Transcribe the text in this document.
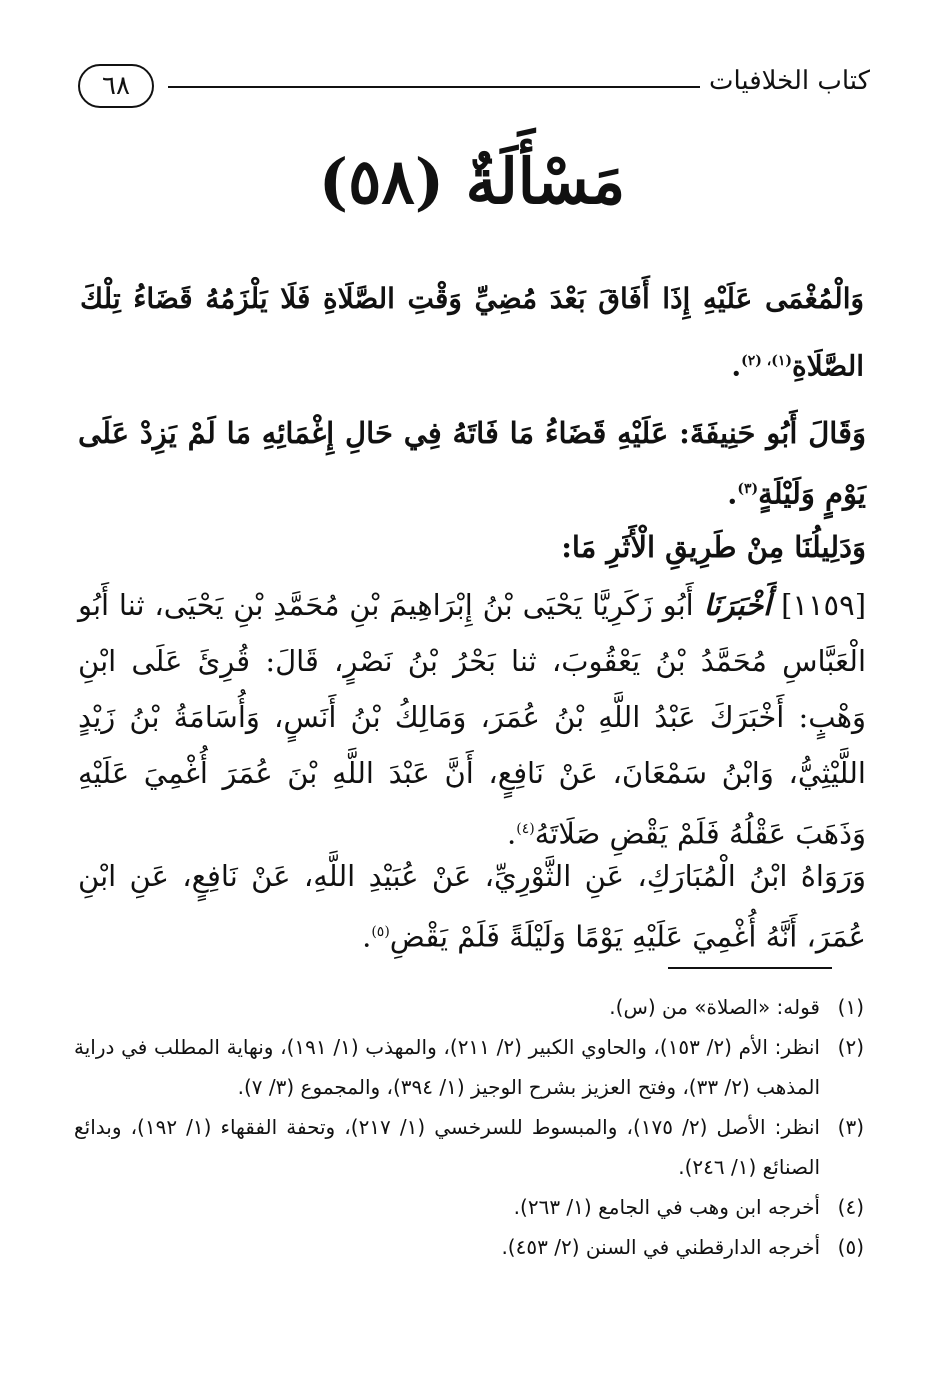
٦٨	كتاب الخلافيات
مَسْأَلَةٌ (٥٨)
وَالْمُغْمَى عَلَيْهِ إِذَا أَفَاقَ بَعْدَ مُضِيِّ وَقْتِ الصَّلَاةِ فَلَا يَلْزَمُهُ قَضَاءُ تِلْكَ الصَّلَاةِ$^{(١)، (٢)}$.
وَقَالَ أَبُو حَنِيفَةَ: عَلَيْهِ قَضَاءُ مَا فَاتَهُ فِي حَالِ إِغْمَائِهِ مَا لَمْ يَزِدْ عَلَى يَوْمٍ وَلَيْلَةٍ$^{(٣)}$.
وَدَلِيلُنَا مِنْ طَرِيقِ الْأَثَرِ مَا:
[١١٥٩] أَخْبَرَنَا أَبُو زَكَرِيَّا يَحْيَى بْنُ إِبْرَاهِيمَ بْنِ مُحَمَّدِ بْنِ يَحْيَى، ثنا أَبُو الْعَبَّاسِ مُحَمَّدُ بْنُ يَعْقُوبَ، ثنا بَحْرُ بْنُ نَصْرٍ، قَالَ: قُرِئَ عَلَى ابْنِ وَهْبٍ: أَخْبَرَكَ عَبْدُ اللَّهِ بْنُ عُمَرَ، وَمَالِكُ بْنُ أَنَسٍ، وَأُسَامَةُ بْنُ زَيْدٍ اللَّيْثِيُّ، وَابْنُ سَمْعَانَ، عَنْ نَافِعٍ، أَنَّ عَبْدَ اللَّهِ بْنَ عُمَرَ أُغْمِيَ عَلَيْهِ وَذَهَبَ عَقْلُهُ فَلَمْ يَقْضِ صَلَاتَهُ$^{(٤)}$.
وَرَوَاهُ ابْنُ الْمُبَارَكِ، عَنِ الثَّوْرِيِّ، عَنْ عُبَيْدِ اللَّهِ، عَنْ نَافِعٍ، عَنِ ابْنِ عُمَرَ، أَنَّهُ أُغْمِيَ عَلَيْهِ يَوْمًا وَلَيْلَةً فَلَمْ يَقْضِ$^{(٥)}$.
(١)
قوله: «الصلاة» من (س).
(٢)
انظر: الأم (٢/ ١٥٣)، والحاوي الكبير (٢/ ٢١١)، والمهذب (١/ ١٩١)، ونهاية المطلب في دراية المذهب (٢/ ٣٣)، وفتح العزيز بشرح الوجيز (١/ ٣٩٤)، والمجموع (٣/ ٧).
(٣)
انظر: الأصل (٢/ ١٧٥)، والمبسوط للسرخسي (١/ ٢١٧)، وتحفة الفقهاء (١/ ١٩٢)، وبدائع الصنائع (١/ ٢٤٦).
(٤)
أخرجه ابن وهب في الجامع (١/ ٢٦٣).
(٥)
أخرجه الدارقطني في السنن (٢/ ٤٥٣).
